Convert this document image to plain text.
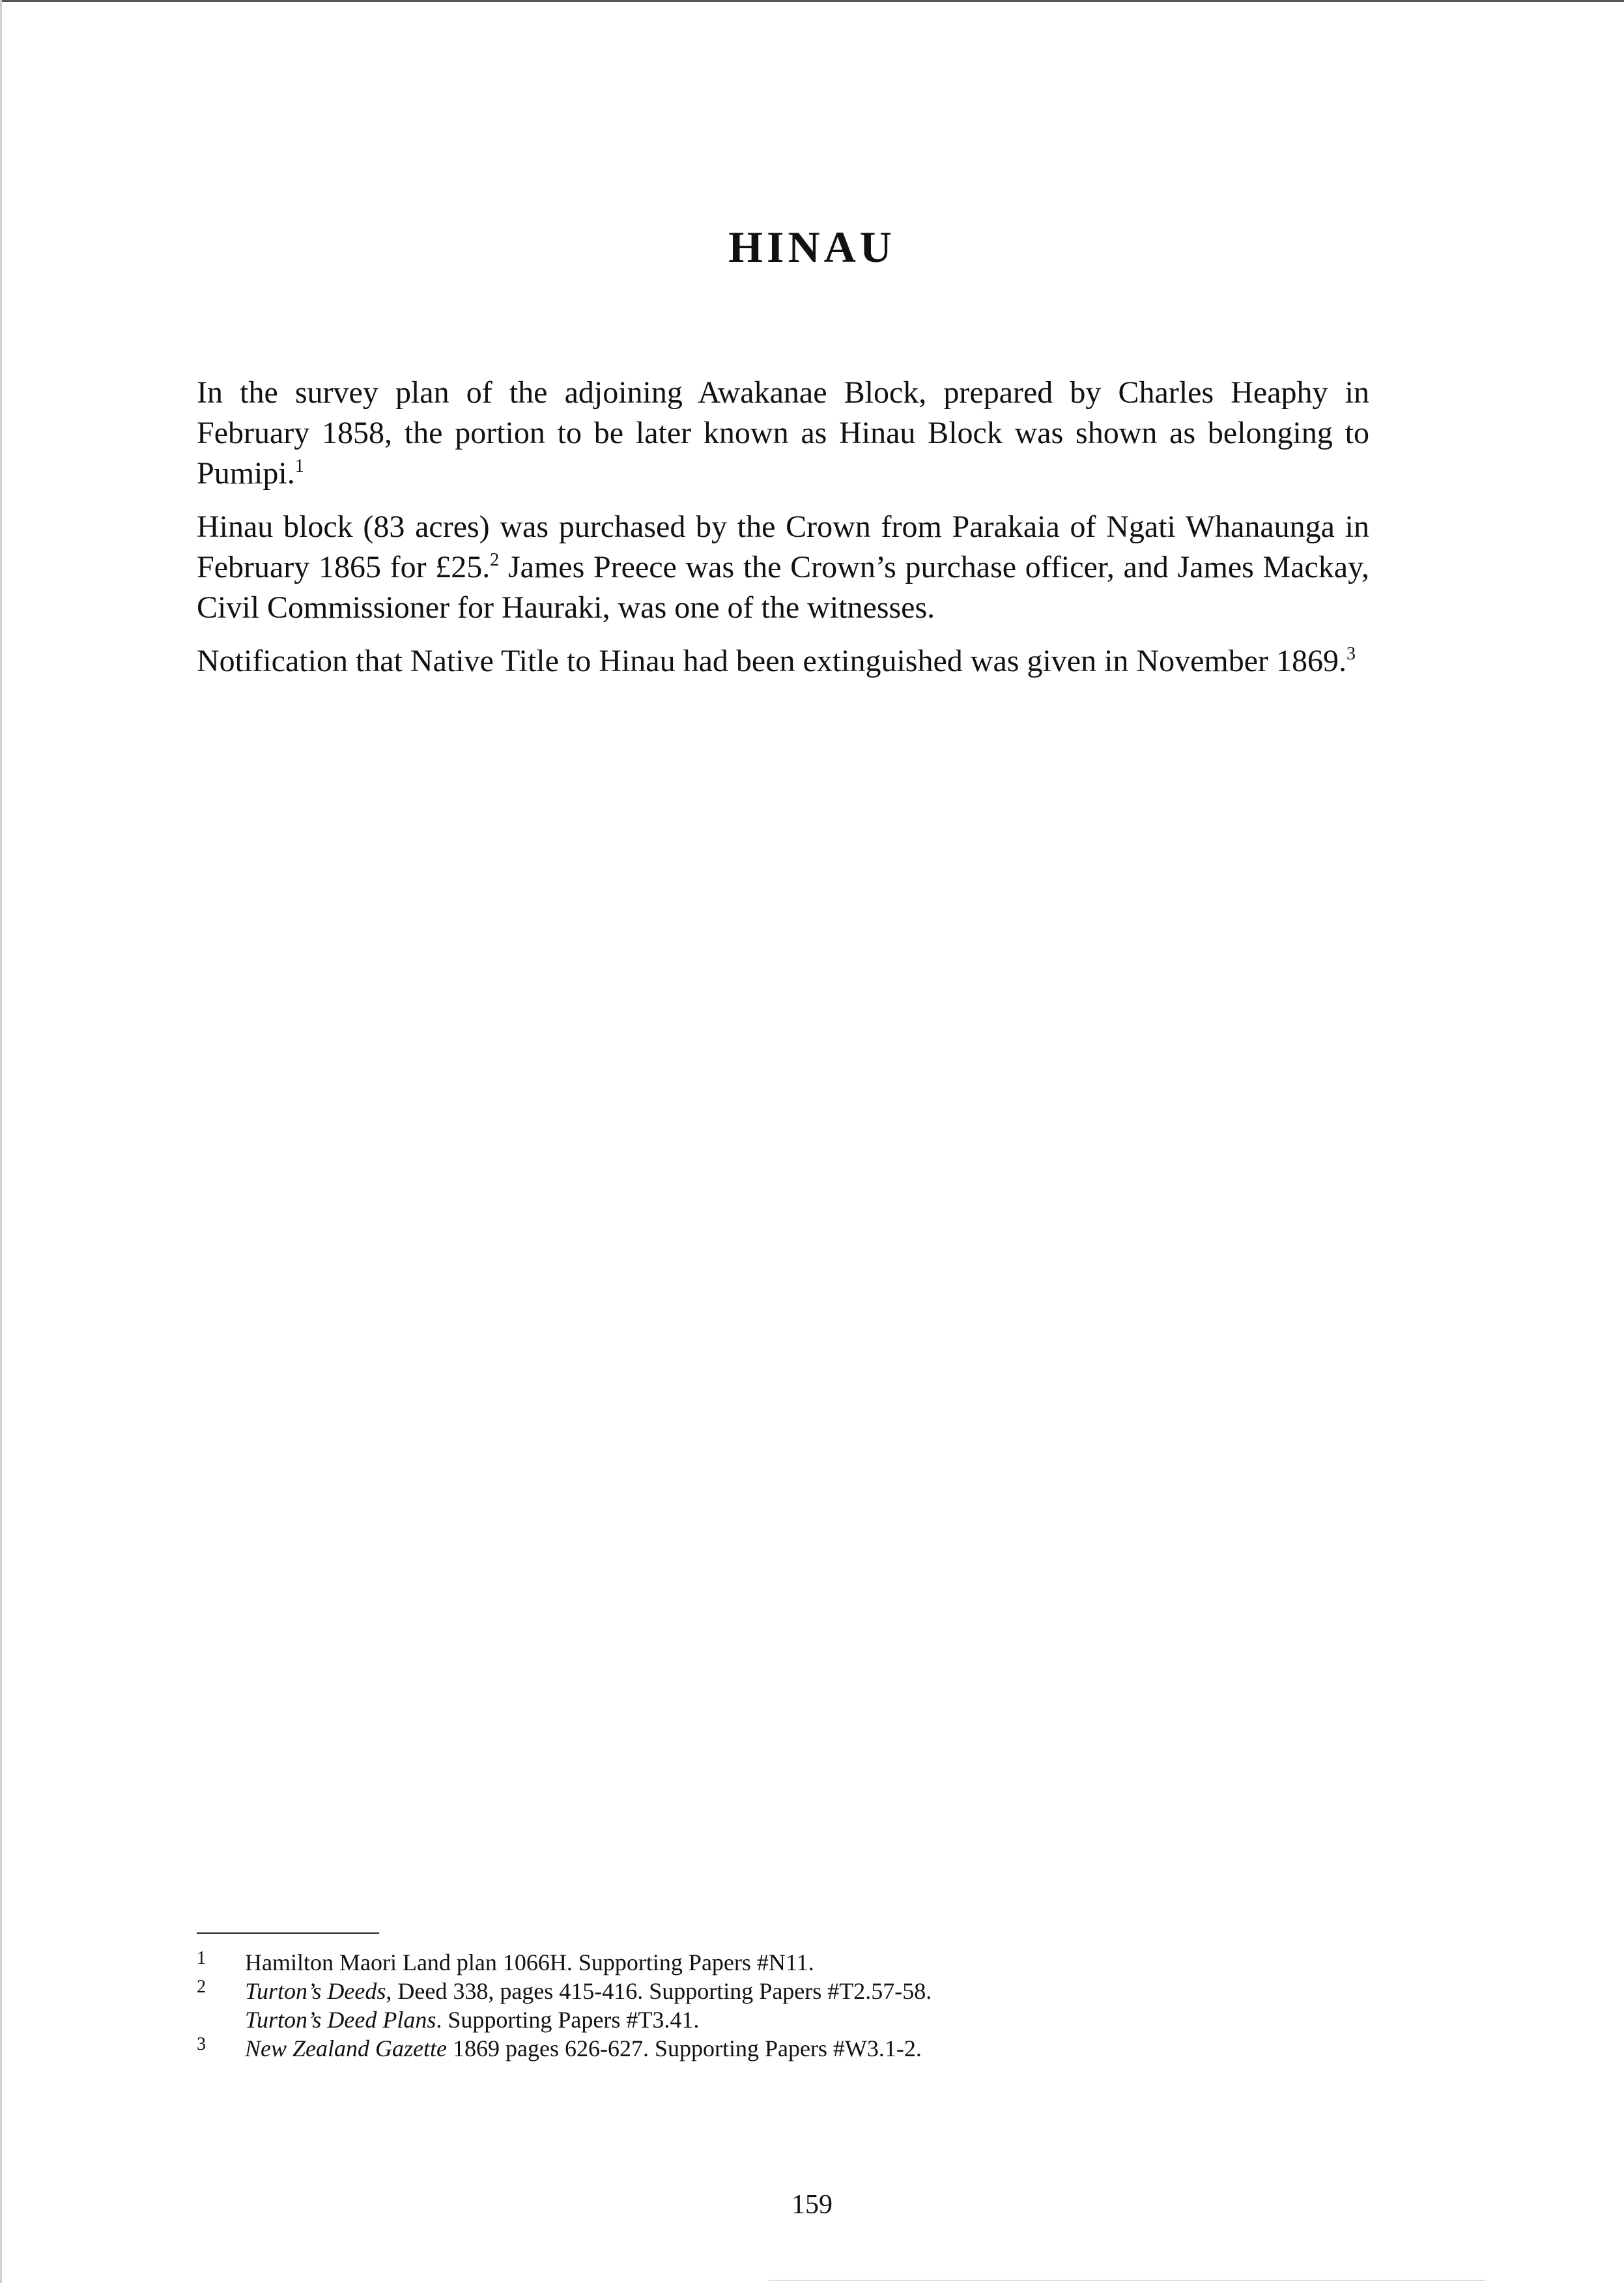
HINAU

In the survey plan of the adjoining Awakanae Block, prepared by Charles Heaphy in February 1858, the portion to be later known as Hinau Block was shown as belonging to Pumipi.$^1$

Hinau block (83 acres) was purchased by the Crown from Parakaia of Ngati Whanaunga in February 1865 for £25.$^2$ James Preece was the Crown’s purchase officer, and James Mackay, Civil Commissioner for Hauraki, was one of the witnesses.

Notification that Native Title to Hinau had been extinguished was given in November 1869.$^3$

1 Hamilton Maori Land plan 1066H. Supporting Papers #N11.
2 Turton’s Deeds, Deed 338, pages 415-416. Supporting Papers #T2.57-58.
Turton’s Deed Plans. Supporting Papers #T3.41.
3 New Zealand Gazette 1869 pages 626-627. Supporting Papers #W3.1-2.
159
